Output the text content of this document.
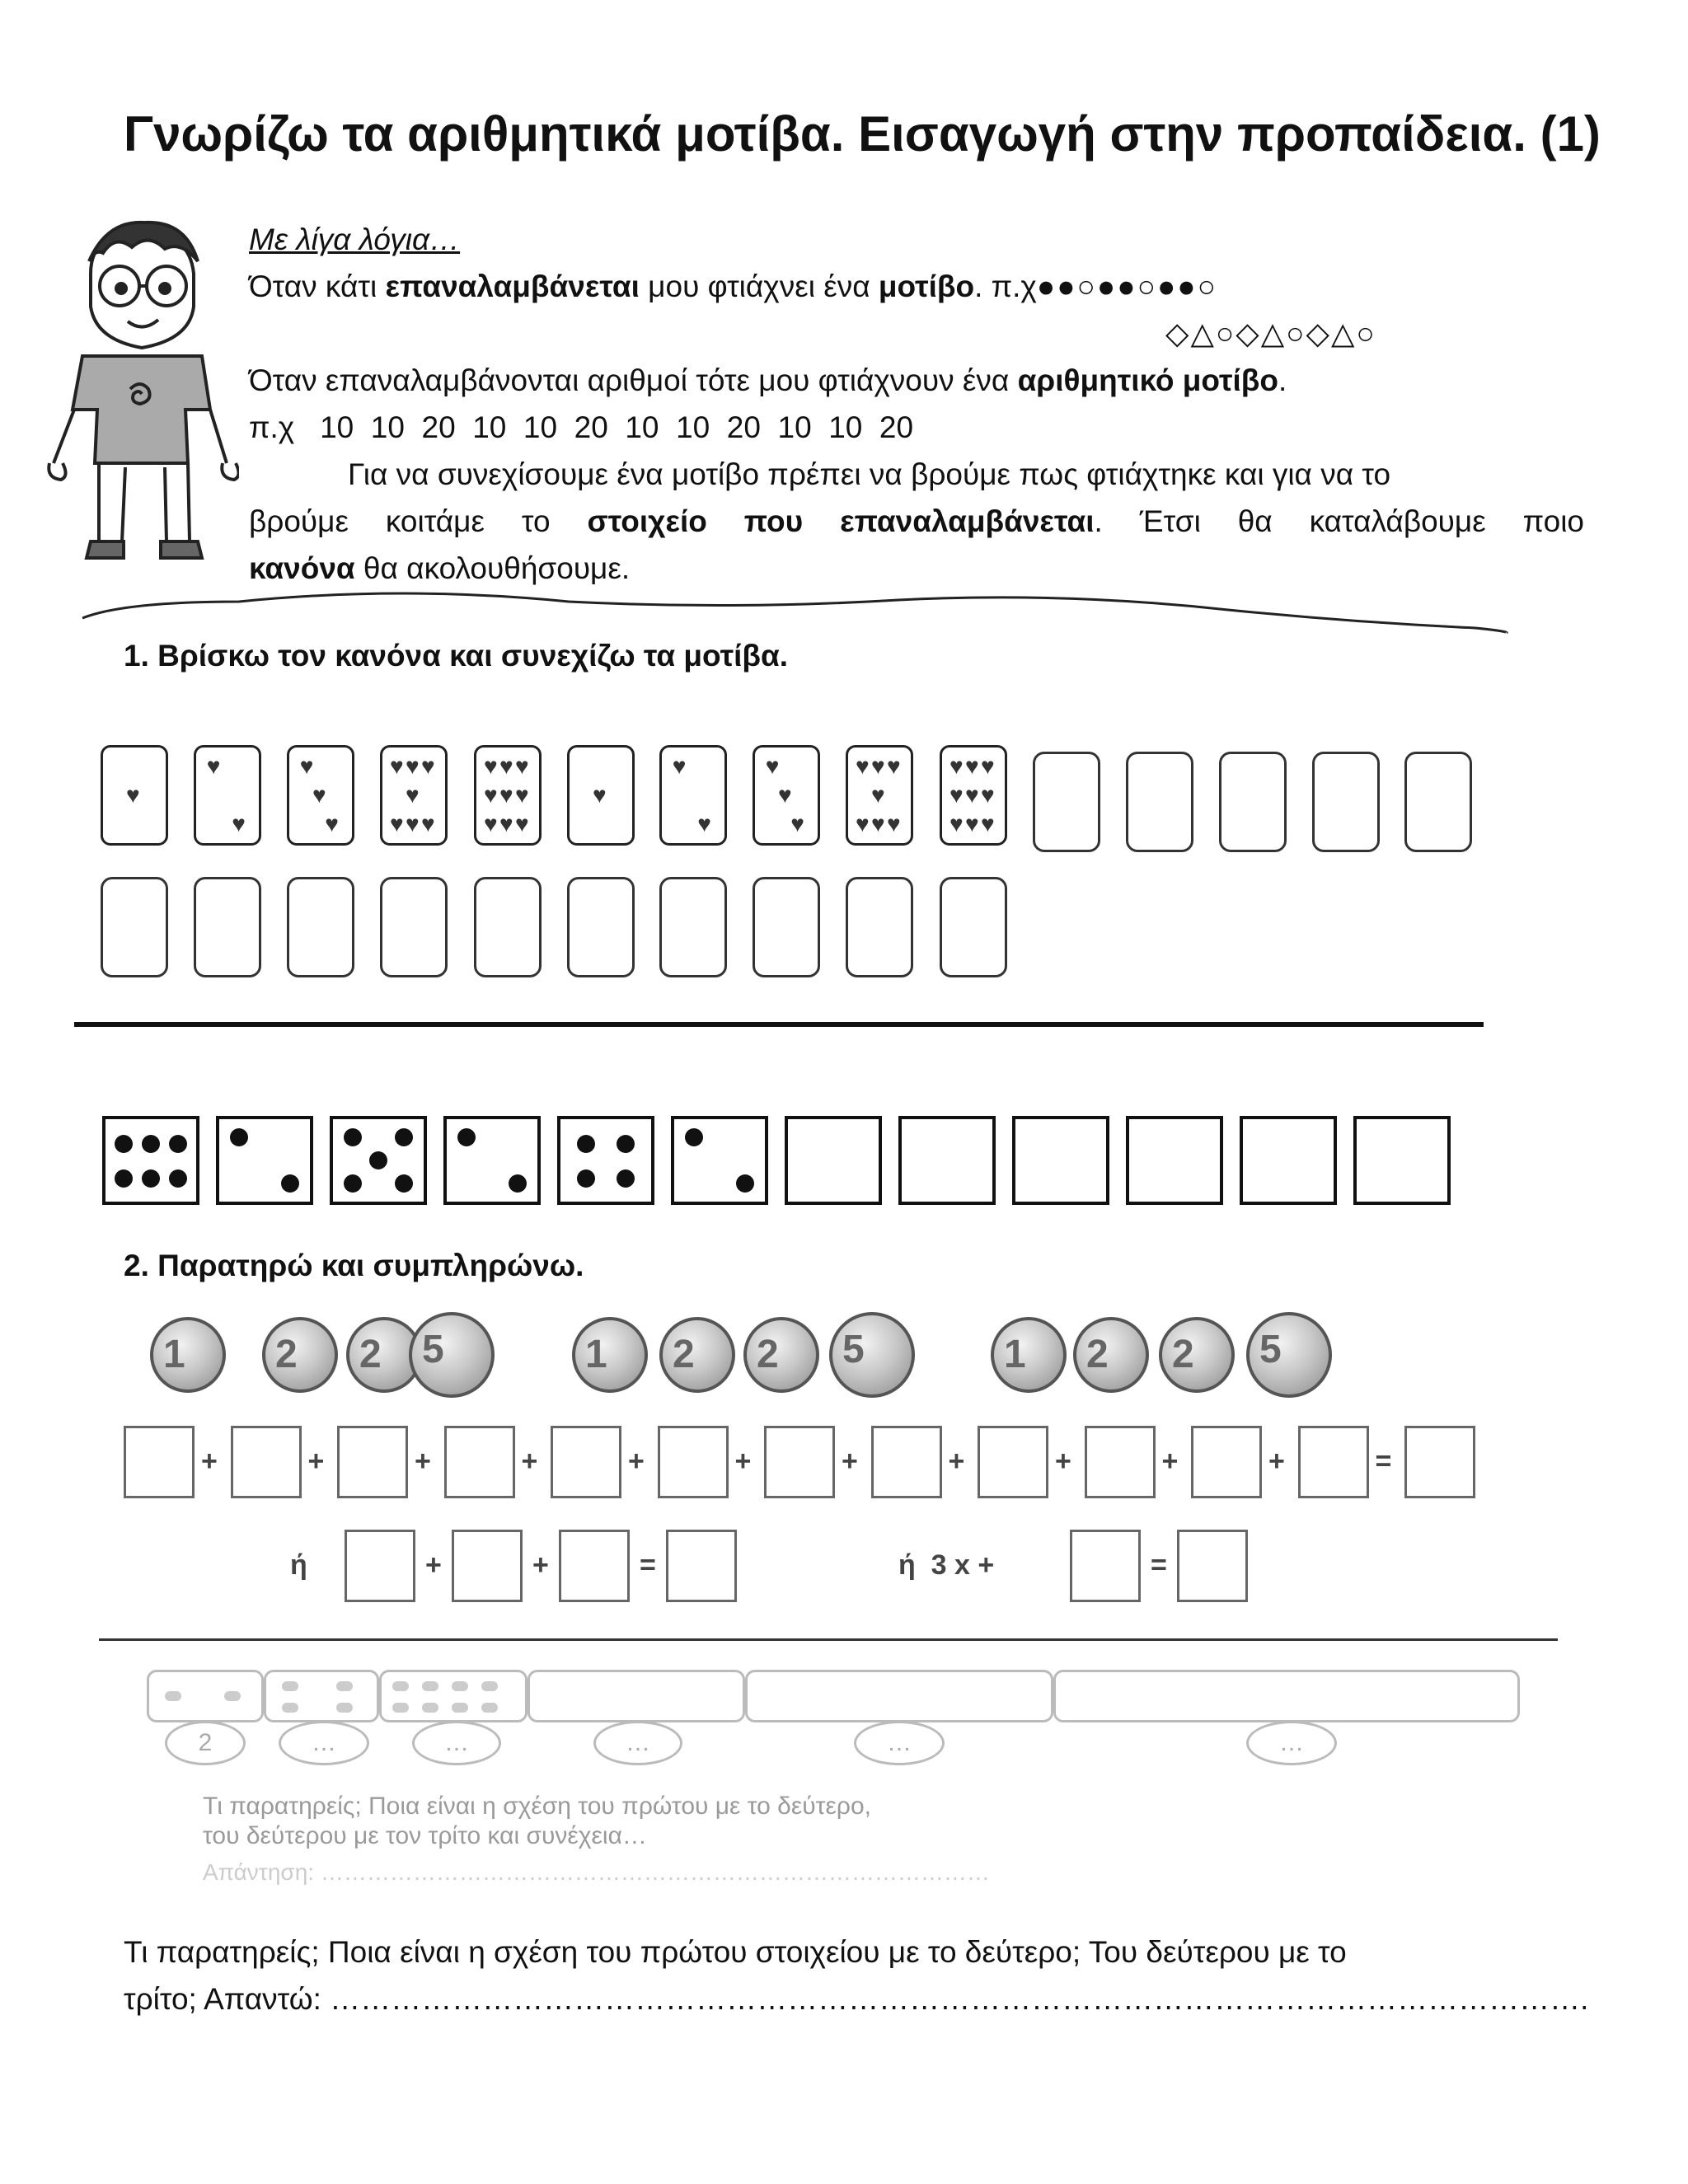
Γνωρίζω τα αριθμητικά μοτίβα. Εισαγωγή στην προπαίδεια. (1)
Με λίγα λόγια…
Όταν κάτι επαναλαμβάνεται μου φτιάχνει ένα μοτίβο. π.χ●●○●●○●●○
◇△○◇△○◇△○
Όταν επαναλαμβάνονται αριθμοί τότε μου φτιάχνουν ένα αριθμητικό μοτίβο.
π.χ   10  10  20  10  10  20  10  10  20  10  10  20
Για να συνεχίσουμε ένα μοτίβο πρέπει να βρούμε πως φτιάχτηκε και για να το
βρούμε κοιτάμε το στοιχείο που επαναλαμβάνεται. Έτσι θα καταλάβουμε ποιο
κανόνα θα ακολουθήσουμε.
1. Βρίσκω τον κανόνα και συνεχίζω τα μοτίβα.
♥
♥
♥
♥
♥
♥
♥ ♥ ♥
♥
♥ ♥ ♥
♥ ♥ ♥
♥ ♥ ♥
♥ ♥ ♥
♥
♥
♥
♥
♥
♥
♥ ♥ ♥
♥
♥ ♥ ♥
♥ ♥ ♥
♥ ♥ ♥
♥ ♥ ♥
2. Παρατηρώ και συμπληρώνω.
1 2 2 5	1 2 2 5	1 2 2 5
+	+	+	+	+	+	+	+	+	+	+	=
ή	+	+	=	ή  3 x +	=
2	…	…	…	…	…
Τι παρατηρείς; Ποια είναι η σχέση του πρώτου με το δεύτερο,
του δεύτερου με τον τρίτο και συνέχεια…
Απάντηση: ……………………………………………………………………………
Τι παρατηρείς; Ποια είναι η σχέση του πρώτου στοιχείου με το δεύτερο; Του δεύτερου με το
τρίτο; Απαντώ: …………………………………………………………………………………………………………….
